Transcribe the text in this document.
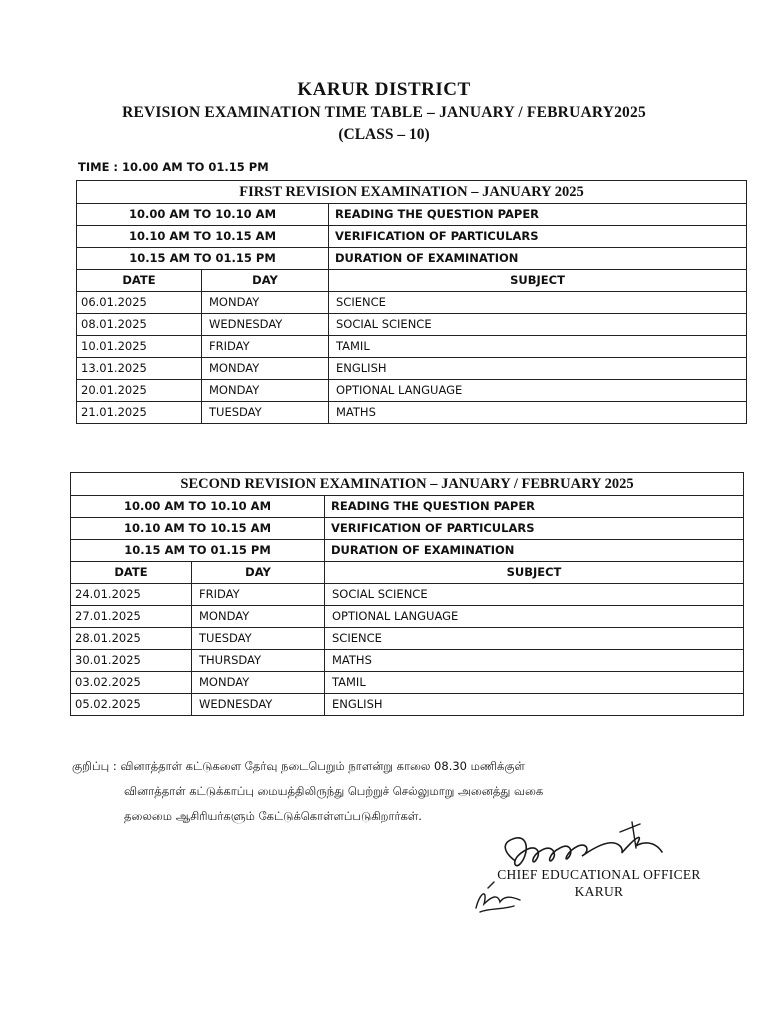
KARUR DISTRICT
REVISION EXAMINATION TIME TABLE – JANUARY / FEBRUARY2025
(CLASS – 10)
TIME : 10.00 AM TO 01.15 PM
FIRST REVISION EXAMINATION – JANUARY 2025		
10.00 AM TO 10.10 AM		READING THE QUESTION PAPER
10.10 AM TO 10.15 AM		VERIFICATION OF PARTICULARS
10.15 AM TO 01.15 PM		DURATION OF EXAMINATION
DATE	DAY	SUBJECT
06.01.2025	MONDAY	SCIENCE
08.01.2025	WEDNESDAY	SOCIAL SCIENCE
10.01.2025	FRIDAY	TAMIL
13.01.2025	MONDAY	ENGLISH
20.01.2025	MONDAY	OPTIONAL LANGUAGE
21.01.2025	TUESDAY	MATHS
SECOND REVISION EXAMINATION – JANUARY / FEBRUARY 2025		
10.00 AM TO 10.10 AM		READING THE QUESTION PAPER
10.10 AM TO 10.15 AM		VERIFICATION OF PARTICULARS
10.15 AM TO 01.15 PM		DURATION OF EXAMINATION
DATE	DAY	SUBJECT
24.01.2025	FRIDAY	SOCIAL SCIENCE
27.01.2025	MONDAY	OPTIONAL LANGUAGE
28.01.2025	TUESDAY	SCIENCE
30.01.2025	THURSDAY	MATHS
03.02.2025	MONDAY	TAMIL
05.02.2025	WEDNESDAY	ENGLISH
குறிப்பு : வினாத்தாள் கட்டுகளை தேர்வு நடைபெறும் நாளன்று காலை 08.30 மணிக்குள்
வினாத்தாள் கட்டுக்காப்பு மையத்திலிருந்து பெற்றுச் செல்லுமாறு அனைத்து வகை
தலைமை ஆசிரியர்களும் கேட்டுக்கொள்ளப்படுகிறார்கள்.
CHIEF EDUCATIONAL OFFICER
KARUR
